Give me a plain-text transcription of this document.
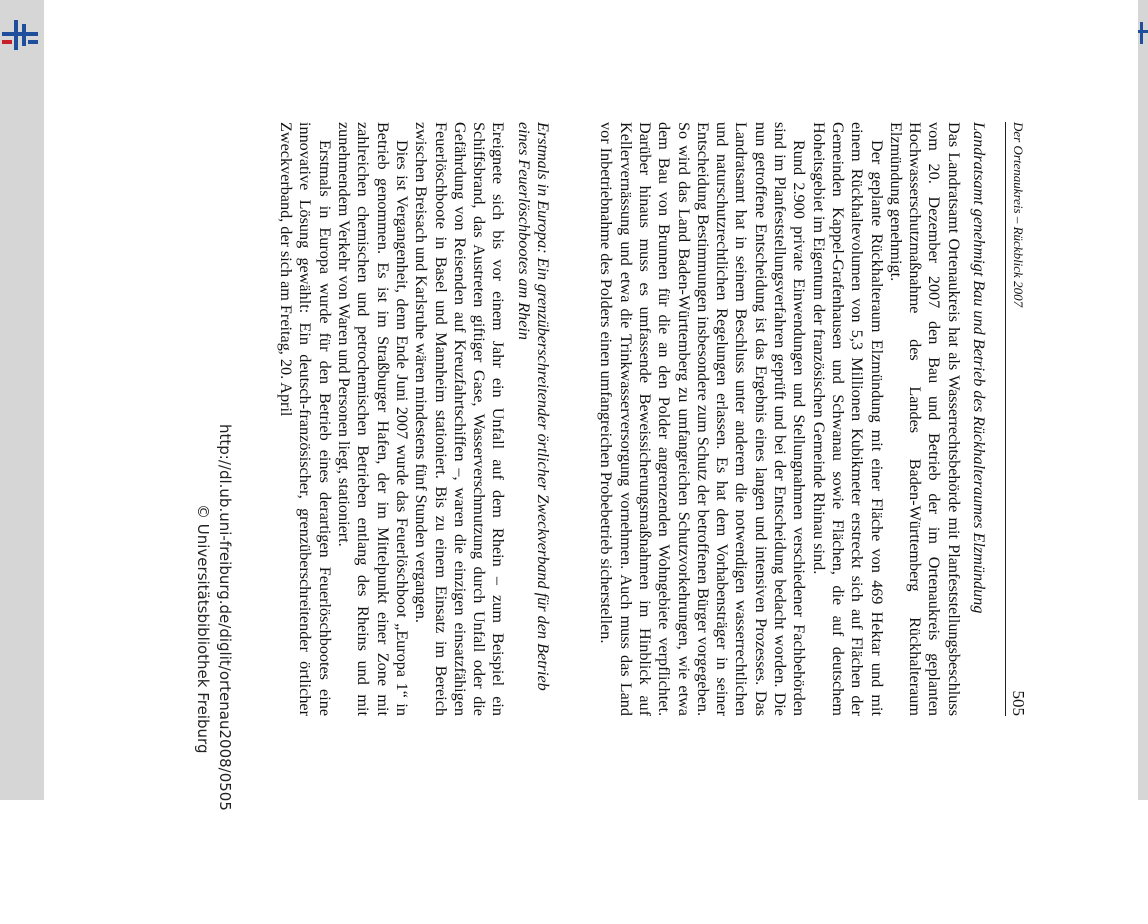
Der Ortenaukreis – Rückblick 2007
505
Landratsamt genehmigt Bau und Betrieb des Rückhalteraumes Elzmündung

Das Landratsamt Ortenaukreis hat als Wasserrechtsbehörde mit Planfeststellungsbeschluss vom 20. Dezember 2007 den Bau und Betrieb der im Ortenaukreis geplanten Hochwasserschutzmaßnahme des Landes Baden-Württemberg Rückhalteraum Elzmündung genehmigt.

Der geplante Rückhalteraum Elzmündung mit einer Fläche von 469 Hektar und mit einem Rückhaltevolumen von 5,3 Millionen Kubikmeter erstreckt sich auf Flächen der Gemeinden Kappel-Grafenhausen und Schwanau sowie Flächen, die auf deutschem Hoheitsgebiet im Eigentum der französischen Gemeinde Rhinau sind.

Rund 2.900 private Einwendungen und Stellungnahmen verschiedener Fachbehörden sind im Planfeststellungsverfahren geprüft und bei der Entscheidung bedacht worden. Die nun getroffene Entscheidung ist das Ergebnis eines langen und intensiven Prozesses. Das Landratsamt hat in seinem Beschluss unter anderem die notwendigen wasserrechtlichen und naturschutzrechtlichen Regelungen erlassen. Es hat dem Vorhabensträger in seiner Entscheidung Bestimmungen insbesondere zum Schutz der betroffenen Bürger vorgegeben. So wird das Land Baden-Württemberg zu umfangreichen Schutzvorkehrungen, wie etwa dem Bau von Brunnen für die an den Polder angrenzenden Wohngebiete verpflichtet. Darüber hinaus muss es umfassende Beweissicherungsmaßnahmen im Hinblick auf Kellervernässung und etwa die Trinkwasserversorgung vornehmen. Auch muss das Land vor Inbetriebnahme des Polders einen umfangreichen Probebetrieb sicherstellen.

Erstmals in Europa: Ein grenzüberschreitender örtlicher Zweckverband für den Betrieb eines Feuerlöschbootes am Rhein

Ereignete sich bis vor einem Jahr ein Unfall auf dem Rhein – zum Beispiel ein Schiffsbrand, das Austreten giftiger Gase, Wasserverschmutzung durch Unfall oder die Gefährdung von Reisenden auf Kreuzfahrtschiffen –, waren die einzigen einsatzfähigen Feuerlöschboote in Basel und Mannheim stationiert. Bis zu einem Einsatz im Bereich zwischen Breisach und Karlsruhe wären mindestens fünf Stunden vergangen.

Dies ist Vergangenheit, denn Ende Juni 2007 wurde das Feuerlöschboot „Europa 1“ in Betrieb genommen. Es ist im Straßburger Hafen, der im Mittelpunkt einer Zone mit zahlreichen chemischen und petrochemischen Betrieben entlang des Rheins und mit zunehmendem Verkehr von Waren und Personen liegt, stationiert.

Erstmals in Europa wurde für den Betrieb eines derartigen Feuerlöschbootes eine innovative Lösung gewählt: Ein deutsch-französischer, grenzüberschreitender örtlicher Zweckverband, der sich am Freitag, 20. April

http://dl.ub.uni-freiburg.de/diglit/ortenau2008/0505
© Universitätsbibliothek Freiburg
